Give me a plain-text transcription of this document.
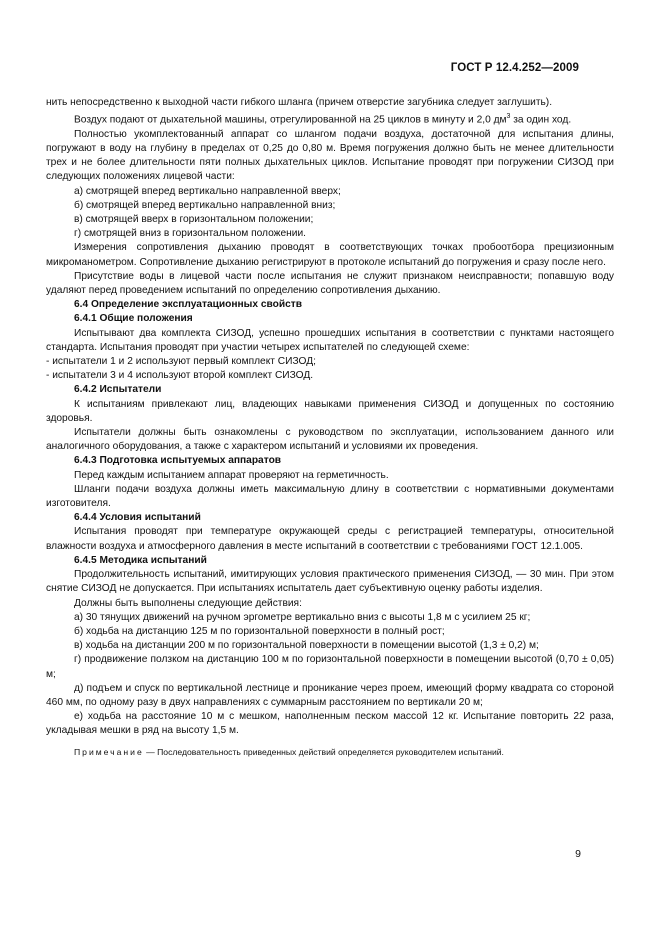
ГОСТ Р 12.4.252—2009

нить непосредственно к выходной части гибкого шланга (причем отверстие загубника следует заглушить).

Воздух подают от дыхательной машины, отрегулированной на 25 циклов в минуту и 2,0 $дм^3$ за один ход.

Полностью укомплектованный аппарат со шлангом подачи воздуха, достаточной для испытания длины, погружают в воду на глубину в пределах от 0,25 до 0,80 м. Время погружения должно быть не менее длительности трех и не более длительности пяти полных дыхательных циклов. Испытание проводят при погружении СИЗОД при следующих положениях лицевой части:

а) смотрящей вперед вертикально направленной вверх;

б) смотрящей вперед вертикально направленной вниз;

в) смотрящей вверх в горизонтальном положении;

г) смотрящей вниз в горизонтальном положении.

Измерения сопротивления дыханию проводят в соответствующих точках пробоотбора прецизионным микроманометром. Сопротивление дыханию регистрируют в протоколе испытаний до погружения и сразу после него.

Присутствие воды в лицевой части после испытания не служит признаком неисправности; попавшую воду удаляют перед проведением испытаний по определению сопротивления дыханию.

6.4 Определение эксплуатационных свойств

6.4.1 Общие положения

Испытывают два комплекта СИЗОД, успешно прошедших испытания в соответствии с пунктами настоящего стандарта. Испытания проводят при участии четырех испытателей по следующей схеме:

- испытатели 1 и 2 используют первый комплект СИЗОД;

- испытатели 3 и 4 используют второй комплект СИЗОД.

6.4.2 Испытатели

К испытаниям привлекают лиц, владеющих навыками применения СИЗОД и допущенных по состоянию здоровья.

Испытатели должны быть ознакомлены с руководством по эксплуатации, использованием данного или аналогичного оборудования, а также с характером испытаний и условиями их проведения.

6.4.3 Подготовка испытуемых аппаратов

Перед каждым испытанием аппарат проверяют на герметичность.

Шланги подачи воздуха должны иметь максимальную длину в соответствии с нормативными документами изготовителя.

6.4.4 Условия испытаний

Испытания проводят при температуре окружающей среды с регистрацией температуры, относительной влажности воздуха и атмосферного давления в месте испытаний в соответствии с требованиями ГОСТ 12.1.005.

6.4.5 Методика испытаний

Продолжительность испытаний, имитирующих условия практического применения СИЗОД, — 30 мин. При этом снятие СИЗОД не допускается. При испытаниях испытатель дает субъективную оценку работы изделия.

Должны быть выполнены следующие действия:

а) 30 тянущих движений на ручном эргометре вертикально вниз с высоты 1,8 м с усилием 25 кг;

б) ходьба на дистанцию 125 м по горизонтальной поверхности в полный рост;

в) ходьба на дистанции 200 м по горизонтальной поверхности в помещении высотой (1,3 ± 0,2) м;

г) продвижение ползком на дистанцию 100 м по горизонтальной поверхности в помещении высотой (0,70 ± 0,05) м;

д) подъем и спуск по вертикальной лестнице и проникание через проем, имеющий форму квадрата со стороной 460 мм, по одному разу в двух направлениях с суммарным расстоянием по вертикали 20 м;

е) ходьба на расстояние 10 м с мешком, наполненным песком массой 12 кг. Испытание повторить 22 раза, укладывая мешки в ряд на высоту 1,5 м.

Примечание — Последовательность приведенных действий определяется руководителем испытаний.

9
